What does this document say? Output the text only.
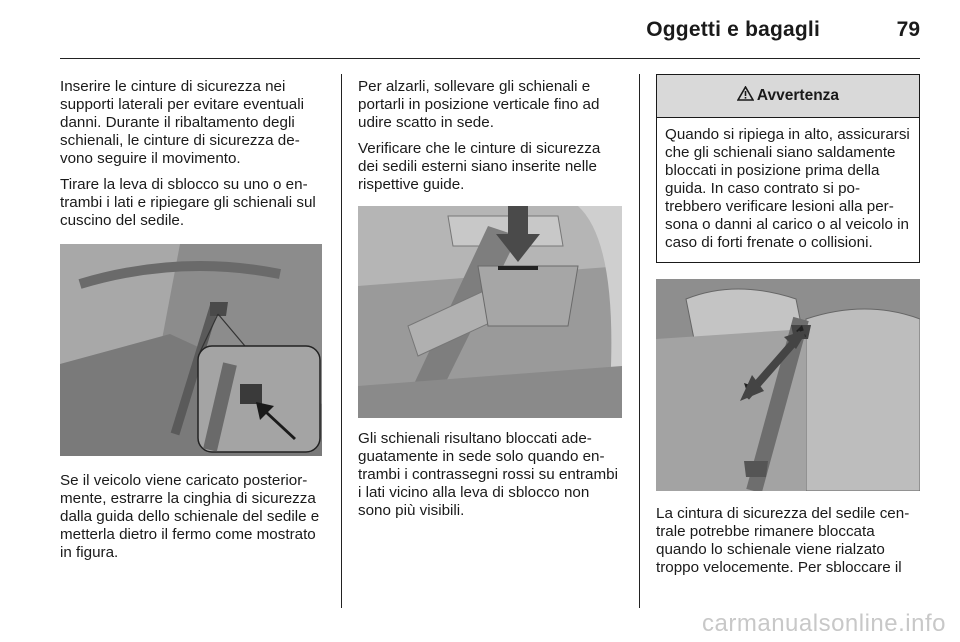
Oggetti e bagagli	79

Inserire le cinture di sicurezza nei supporti laterali per evitare eventuali danni. Durante il ribaltamento degli schienali, le cinture di sicurezza devono seguire il movimento.

Tirare la leva di sblocco su uno o entrambi i lati e ripiegare gli schienali sul cuscino del sedile.

Se il veicolo viene caricato posteriormente, estrarre la cinghia di sicurezza dalla guida dello schienale del sedile e metterla dietro il fermo come mostrato in figura.

Per alzarli, sollevare gli schienali e portarli in posizione verticale fino ad udire scatto in sede.

Verificare che le cinture di sicurezza dei sedili esterni siano inserite nelle rispettive guide.

Gli schienali risultano bloccati adeguatamente in sede solo quando entrambi i contrassegni rossi su entrambi i lati vicino alla leva di sblocco non sono più visibili.

Avvertenza
Quando si ripiega in alto, assicurarsi che gli schienali siano saldamente bloccati in posizione prima della guida. In caso contrato si potrebbero verificare lesioni alla persona o danni al carico o al veicolo in caso di forti frenate o collisioni.

La cintura di sicurezza del sedile centrale potrebbe rimanere bloccata quando lo schienale viene rialzato troppo velocemente. Per sbloccare il

carmanualsonline.info
